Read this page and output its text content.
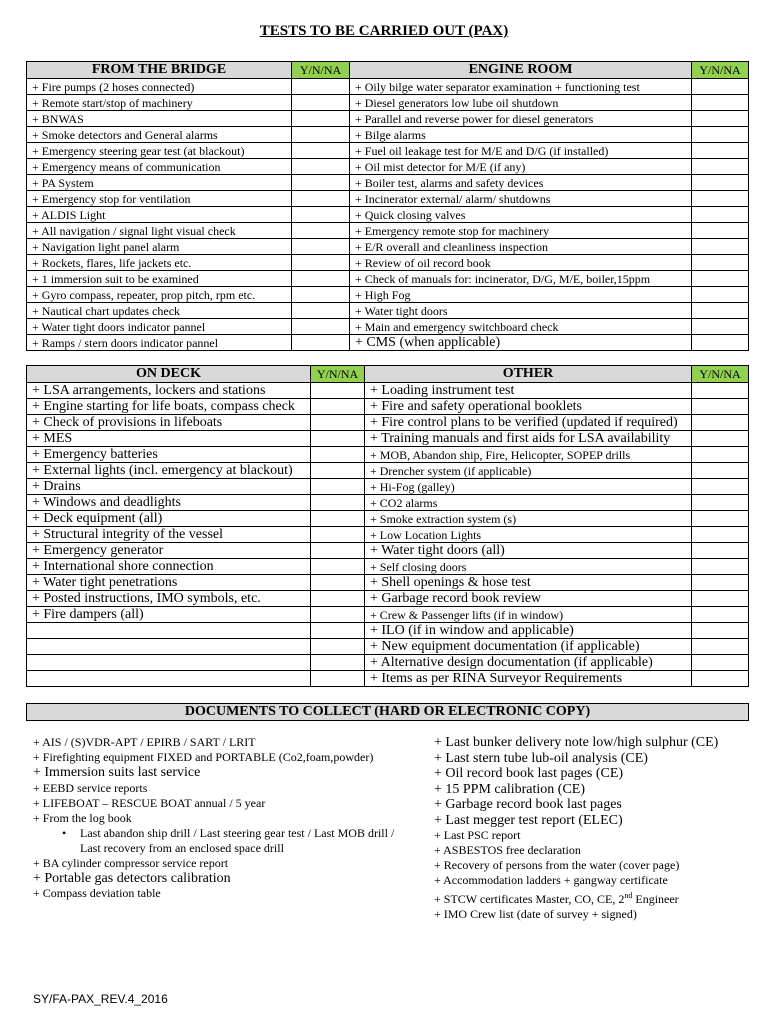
TESTS TO BE CARRIED OUT (PAX)
FROM THE BRIDGE	Y/N/NA	ENGINE ROOM	Y/N/NA
+ Fire pumps (2 hoses connected)		+ Oily bilge water separator examination + functioning test	
+ Remote start/stop of machinery		+ Diesel generators low lube oil shutdown	
+ BNWAS		+ Parallel and reverse power for diesel generators	
+ Smoke detectors and General alarms		+ Bilge alarms	
+ Emergency steering gear test (at blackout)		+ Fuel oil leakage test for M/E and D/G (if installed)	
+ Emergency means of communication		+ Oil mist detector for M/E (if any)	
+ PA System		+ Boiler test, alarms and safety devices	
+ Emergency stop for ventilation		+ Incinerator external/ alarm/ shutdowns	
+ ALDIS Light		+ Quick closing valves	
+ All navigation / signal light visual check		+ Emergency remote stop for machinery	
+ Navigation light panel alarm		+ E/R overall and cleanliness inspection	
+ Rockets, flares, life jackets etc.		+ Review of oil record book	
+ 1 immersion suit to be examined		+ Check of manuals for: incinerator, D/G, M/E, boiler,15ppm	
+ Gyro compass, repeater, prop pitch, rpm etc.		+ High Fog	
+ Nautical chart updates check		+ Water tight doors	
+ Water tight doors indicator pannel		+ Main and emergency switchboard check	
+ Ramps / stern doors indicator pannel		+ CMS (when applicable)	
ON DECK	Y/N/NA	OTHER	Y/N/NA
+ LSA arrangements, lockers and stations		+ Loading instrument test	
+ Engine starting for life boats, compass check		+ Fire and safety operational booklets	
+ Check of provisions in lifeboats		+ Fire control plans to be verified (updated if required)	
+ MES		+ Training manuals and first aids for LSA availability	
+ Emergency batteries		+ MOB, Abandon ship, Fire, Helicopter, SOPEP drills	
+ External lights (incl. emergency at blackout)		+ Drencher system (if applicable)	
+ Drains		+ Hi-Fog (galley)	
+ Windows and deadlights		+ CO2 alarms	
+ Deck equipment (all)		+ Smoke extraction system (s)	
+ Structural integrity of the vessel		+ Low Location Lights	
+ Emergency generator		+ Water tight doors (all)	
+ International shore connection		+ Self closing doors	
+ Water tight penetrations		+ Shell openings & hose test	
+ Posted instructions, IMO symbols, etc.		+ Garbage record book review	
+ Fire dampers (all)		+ Crew & Passenger lifts (if in window)	
		+ ILO (if in window and applicable)	
		+ New equipment documentation (if applicable)	
		+ Alternative design documentation (if applicable)	
		+ Items as per RINA Surveyor Requirements	
DOCUMENTS TO COLLECT (HARD OR ELECTRONIC COPY)
+ AIS / (S)VDR-APT / EPIRB / SART / LRIT
+ Firefighting equipment FIXED and PORTABLE (Co2,foam,powder)
+ Immersion suits last service
+ EEBD service reports
+ LIFEBOAT – RESCUE BOAT annual / 5 year
+ From the log book
• Last abandon ship drill / Last steering gear test / Last MOB drill /
Last recovery from an enclosed space drill
+ BA cylinder compressor service report
+ Portable gas detectors calibration
+ Compass deviation table
+ Last bunker delivery note low/high sulphur (CE)
+ Last stern tube lub-oil analysis (CE)
+ Oil record book last pages (CE)
+ 15 PPM calibration (CE)
+ Garbage record book last pages
+ Last megger test report (ELEC)
+ Last PSC report
+ ASBESTOS free declaration
+ Recovery of persons from the water (cover page)
+ Accommodation ladders + gangway certificate
+ STCW certificates Master, CO, CE, 2nd Engineer
+ IMO Crew list (date of survey + signed)
SY/FA-PAX_REV.4_2016
